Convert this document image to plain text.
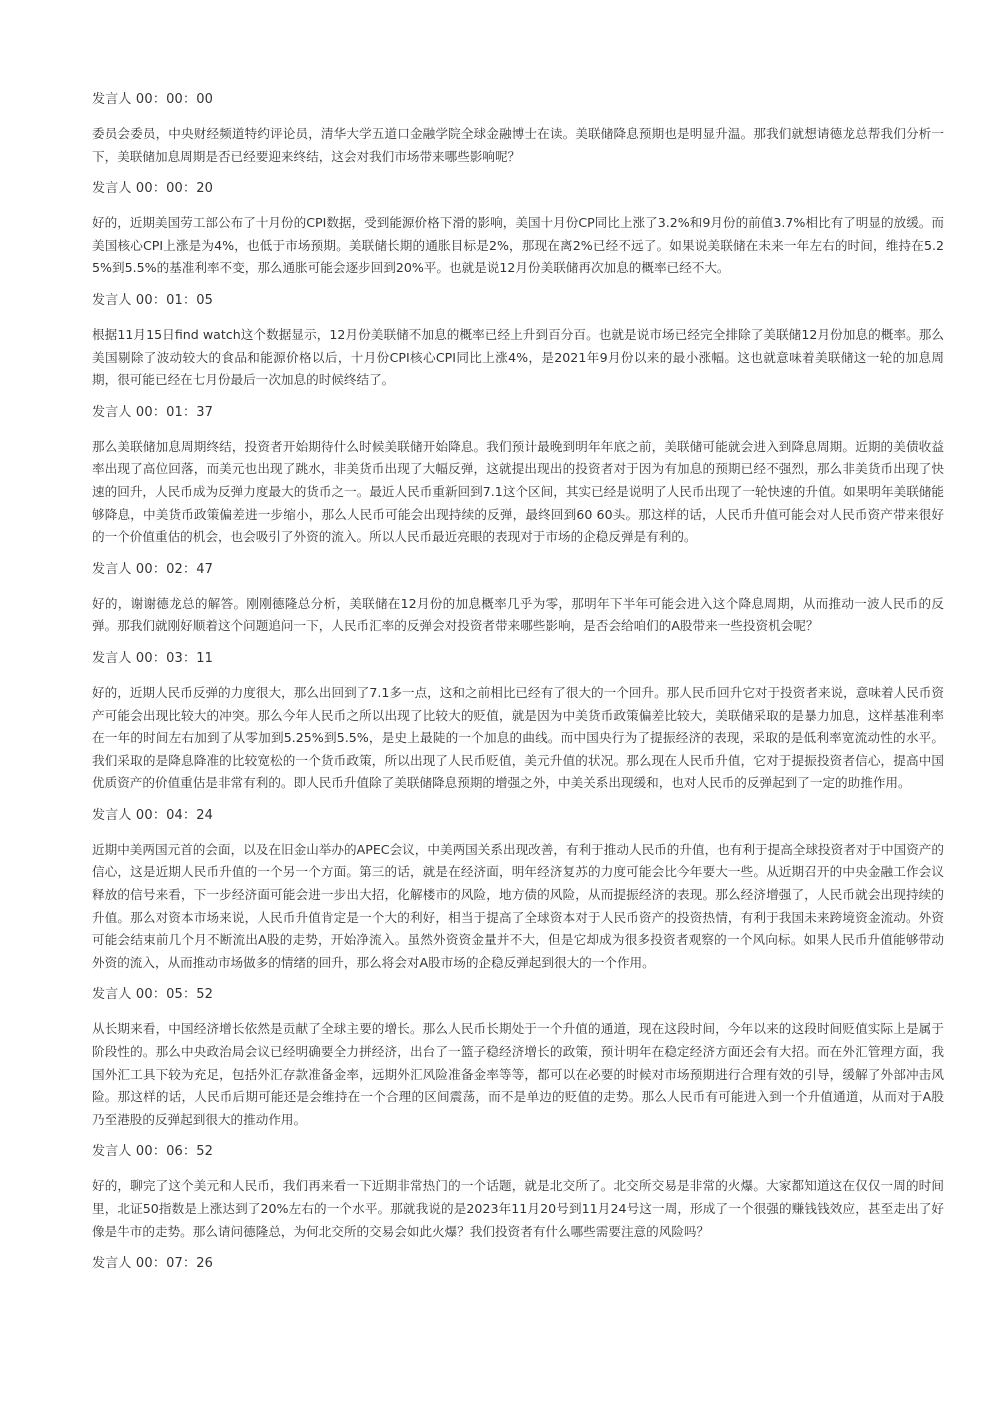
发言人 00：00：00

委员会委员，中央财经频道特约评论员，清华大学五道口金融学院全球金融博士在读。美联储降息预期也是明显升温。那我们就想请德龙总帮我们分析一下，美联储加息周期是否已经要迎来终结，这会对我们市场带来哪些影响呢？

发言人 00：00：20

好的，近期美国劳工部公布了十月份的CPI数据，受到能源价格下滑的影响，美国十月份CP同比上涨了3.2%和9月份的前值3.7%相比有了明显的放缓。而美国核心CPI上涨是为4%，也低于市场预期。美联储长期的通胀目标是2%，那现在离2%已经不远了。如果说美联储在未来一年左右的时间，维持在5.25%到5.5%的基准利率不变，那么通胀可能会逐步回到20%平。也就是说12月份美联储再次加息的概率已经不大。

发言人 00：01：05

根据11月15日find watch这个数据显示，12月份美联储不加息的概率已经上升到百分百。也就是说市场已经完全排除了美联储12月份加息的概率。那么美国剔除了波动较大的食品和能源价格以后，十月份CPI核心CPI同比上涨4%，是2021年9月份以来的最小涨幅。这也就意味着美联储这一轮的加息周期，很可能已经在七月份最后一次加息的时候终结了。

发言人 00：01：37

那么美联储加息周期终结，投资者开始期待什么时候美联储开始降息。我们预计最晚到明年年底之前，美联储可能就会进入到降息周期。近期的美债收益率出现了高位回落，而美元也出现了跳水，非美货币出现了大幅反弹，这就提出现出的投资者对于因为有加息的预期已经不强烈，那么非美货币出现了快速的回升，人民币成为反弹力度最大的货币之一。最近人民币重新回到7.1这个区间，其实已经是说明了人民币出现了一轮快速的升值。如果明年美联储能够降息，中美货币政策偏差进一步缩小，那么人民币可能会出现持续的反弹，最终回到60 60头。那这样的话，人民币升值可能会对人民币资产带来很好的一个价值重估的机会，也会吸引了外资的流入。所以人民币最近亮眼的表现对于市场的企稳反弹是有利的。

发言人 00：02：47

好的，谢谢德龙总的解答。刚刚德隆总分析，美联储在12月份的加息概率几乎为零，那明年下半年可能会进入这个降息周期，从而推动一波人民币的反弹。那我们就刚好顺着这个问题追问一下，人民币汇率的反弹会对投资者带来哪些影响，是否会给咱们的A股带来一些投资机会呢？

发言人 00：03：11

好的，近期人民币反弹的力度很大，那么出回到了7.1多一点，这和之前相比已经有了很大的一个回升。那人民币回升它对于投资者来说，意味着人民币资产可能会出现比较大的冲突。那么今年人民币之所以出现了比较大的贬值，就是因为中美货币政策偏差比较大，美联储采取的是暴力加息，这样基准利率在一年的时间左右加到了从零加到5.25%到5.5%，是史上最陡的一个加息的曲线。而中国央行为了提振经济的表现，采取的是低利率宽流动性的水平。我们采取的是降息降准的比较宽松的一个货币政策，所以出现了人民币贬值，美元升值的状况。那么现在人民币升值，它对于提振投资者信心，提高中国优质资产的价值重估是非常有利的。即人民币升值除了美联储降息预期的增强之外，中美关系出现缓和，也对人民币的反弹起到了一定的助推作用。

发言人 00：04：24

近期中美两国元首的会面，以及在旧金山举办的APEC会议，中美两国关系出现改善，有利于推动人民币的升值，也有利于提高全球投资者对于中国资产的信心，这是近期人民币升值的一个另一个方面。第三的话，就是在经济面，明年经济复苏的力度可能会比今年要大一些。从近期召开的中央金融工作会议释放的信号来看，下一步经济面可能会进一步出大招，化解楼市的风险，地方债的风险，从而提振经济的表现。那么经济增强了，人民币就会出现持续的升值。那么对资本市场来说，人民币升值肯定是一个大的利好，相当于提高了全球资本对于人民币资产的投资热情，有利于我国未来跨境资金流动。外资可能会结束前几个月不断流出A股的走势，开始净流入。虽然外资资金量并不大，但是它却成为很多投资者观察的一个风向标。如果人民币升值能够带动外资的流入，从而推动市场做多的情绪的回升，那么将会对A股市场的企稳反弹起到很大的一个作用。

发言人 00：05：52

从长期来看，中国经济增长依然是贡献了全球主要的增长。那么人民币长期处于一个升值的通道，现在这段时间，今年以来的这段时间贬值实际上是属于阶段性的。那么中央政治局会议已经明确要全力拼经济，出台了一篮子稳经济增长的政策，预计明年在稳定经济方面还会有大招。而在外汇管理方面，我国外汇工具下较为充足，包括外汇存款准备金率，远期外汇风险准备金率等等，都可以在必要的时候对市场预期进行合理有效的引导，缓解了外部冲击风险。那这样的话，人民币后期可能还是会维持在一个合理的区间震荡，而不是单边的贬值的走势。那么人民币有可能进入到一个升值通道，从而对于A股乃至港股的反弹起到很大的推动作用。

发言人 00：06：52

好的，聊完了这个美元和人民币，我们再来看一下近期非常热门的一个话题，就是北交所了。北交所交易是非常的火爆。大家都知道这在仅仅一周的时间里，北证50指数是上涨达到了20%左右的一个水平。那就我说的是2023年11月20号到11月24号这一周，形成了一个很强的赚钱钱效应，甚至走出了好像是牛市的走势。那么请问德隆总，为何北交所的交易会如此火爆？我们投资者有什么哪些需要注意的风险吗？

发言人 00：07：26
